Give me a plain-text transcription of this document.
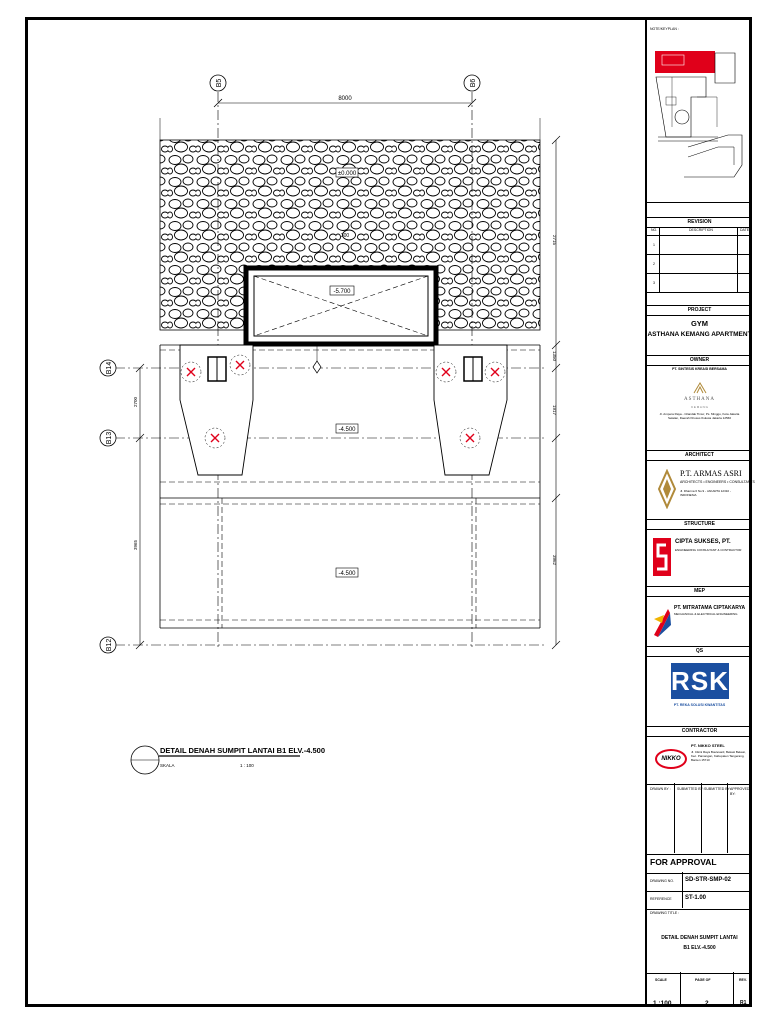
B5	B6
B14
B13
B12
8000
300
±0.000
-5.700
-4.500
-4.500
2715
1350
1917
3962
2700
3965
DETAIL DENAH SUMPIT LANTAI B1 ELV.-4.500
SKALA	1 : 100
NOTE/KEYPLAN :
REVISION
NO.	DESCRIPTION	DATE
1
2
3
PROJECT
GYM
ASTHANA KEMANG APARTMENT
OWNER
PT. SINTESIS KREASI BERSAMA
ASTHANA
K E M A N G
Jl. Ampera Raya - Cilandak Timur, Ps. Minggu, Kota Jakarta Selatan, Daerah Khusus Ibukota Jakarta 12560
ARCHITECT
P.T. ARMAS ASRI
ARCHITECTS • ENGINEERS • CONSULTANTS
Jl. Dharma 6 No.9 - JAKARTA 12310 - INDONESIA
STRUCTURE
CIPTA SUKSES, PT.
ENGINEERING CONSULTANT & CONTRACTOR
MEP
PT. MITRATAMA CIPTAKARYA
MECHANICAL & ELECTRICAL ENGINEERING
QS
RSK
PT. REKA SOLUSI KWANTITAS
CONTRACTOR
NIKKO
PT. NIKKO STEEL
Jl. Cikini Raya Boulevard, Bekasi Bekasi, Kec. Pamangan, Kabupaten Tangerang, Banten 15710
DRAWN BY : SUBMITTED BY: SUBMITTED BY: APPROVED BY:
FOR APPROVAL
DRAWING NO. SD-STR-SMP-02
REFERENCE ST-1.00
DRAWING TITLE :
DETAIL DENAH SUMPIT LANTAI
B1 ELV.-4.500
SCALE	PAGE OF	REV.
1 :100	2	R1
